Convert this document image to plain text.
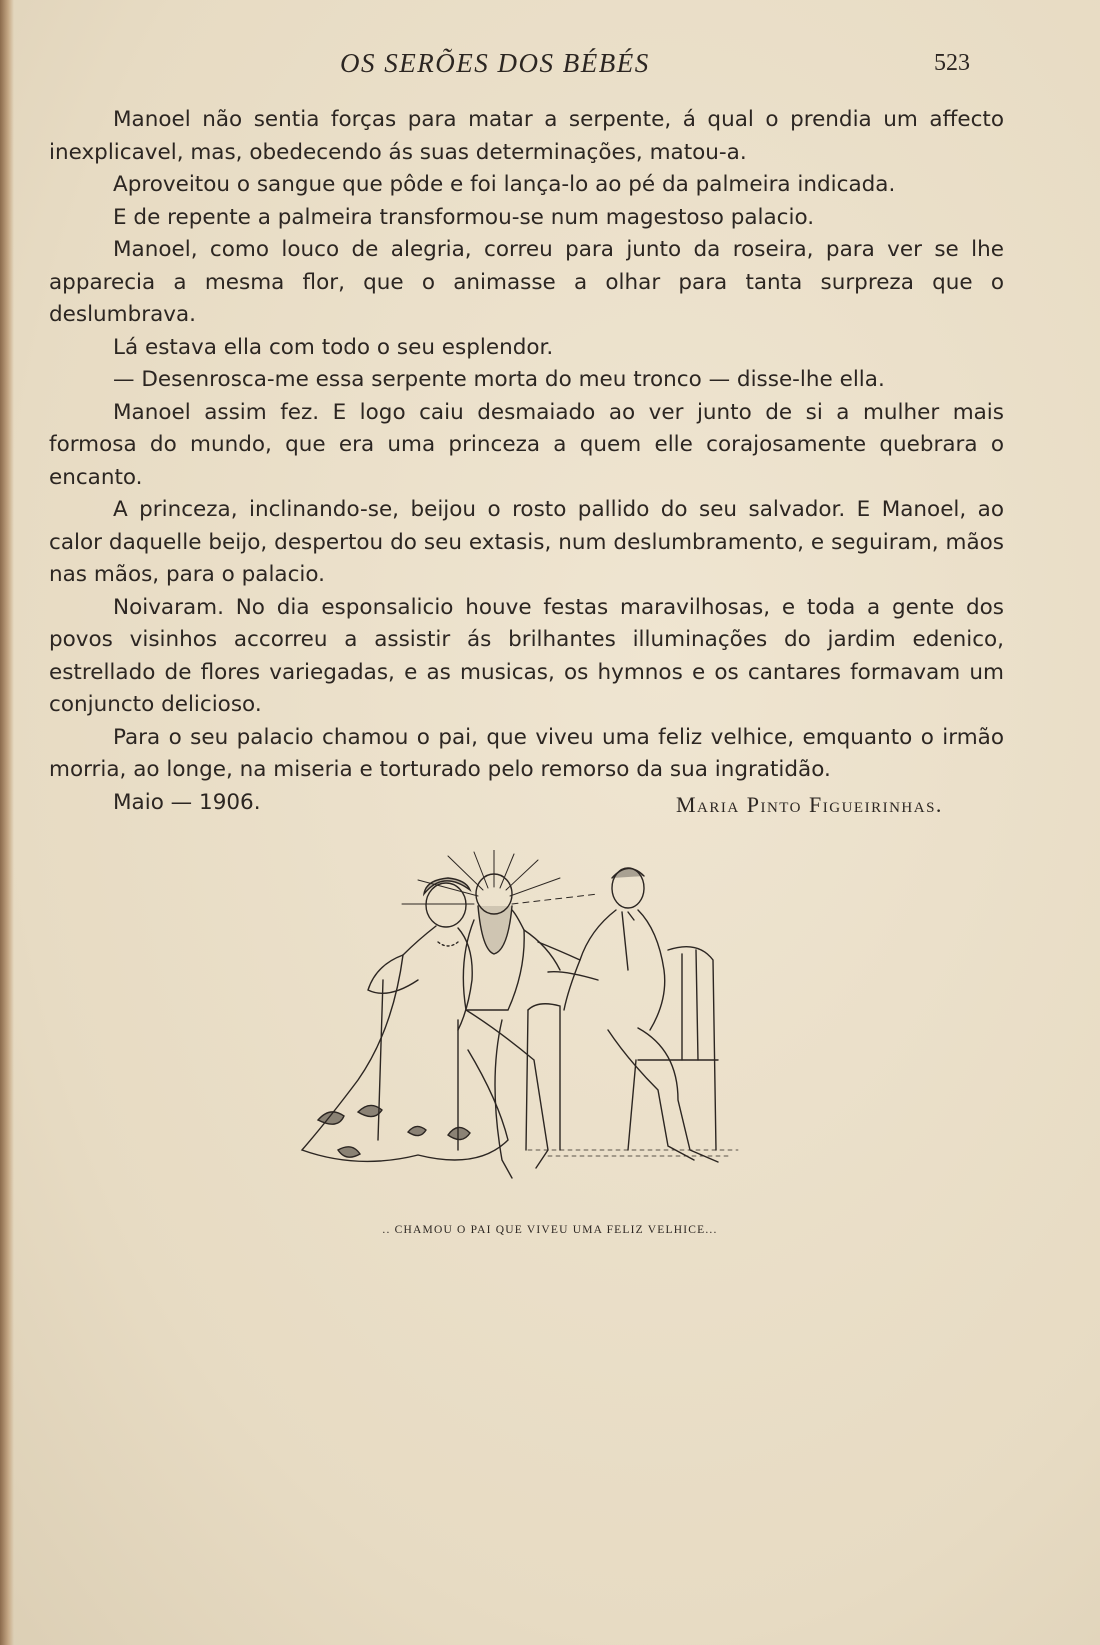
OS SERÕES DOS BÉBÉS	523

Manoel não sentia forças para matar a serpente, á qual o prendia um affecto inexplicavel, mas, obedecendo ás suas determinações, matou-a.

Aproveitou o sangue que pôde e foi lança-lo ao pé da palmeira indicada.

E de repente a palmeira transformou-se num magestoso palacio.

Manoel, como louco de alegria, correu para junto da roseira, para ver se lhe apparecia a mesma flor, que o animasse a olhar para tanta surpreza que o deslumbrava.

Lá estava ella com todo o seu esplendor.

— Desenrosca-me essa serpente morta do meu tronco — disse-lhe ella.

Manoel assim fez. E logo caiu desmaiado ao ver junto de si a mulher mais formosa do mundo, que era uma princeza a quem elle corajosamente quebrara o encanto.

A princeza, inclinando-se, beijou o rosto pallido do seu salvador. E Manoel, ao calor daquelle beijo, despertou do seu extasis, num deslumbramento, e seguiram, mãos nas mãos, para o palacio.

Noivaram. No dia esponsalicio houve festas maravilhosas, e toda a gente dos povos visinhos accorreu a assistir ás brilhantes illuminações do jardim edenico, estrellado de flores variegadas, e as musicas, os hymnos e os cantares formavam um conjuncto delicioso.

Para o seu palacio chamou o pai, que viveu uma feliz velhice, emquanto o irmão morria, ao longe, na miseria e torturado pelo remorso da sua ingratidão.

Maio — 1906.	Maria Pinto Figueirinhas.
.. CHAMOU O PAI QUE VIVEU UMA FELIZ VELHICE...
